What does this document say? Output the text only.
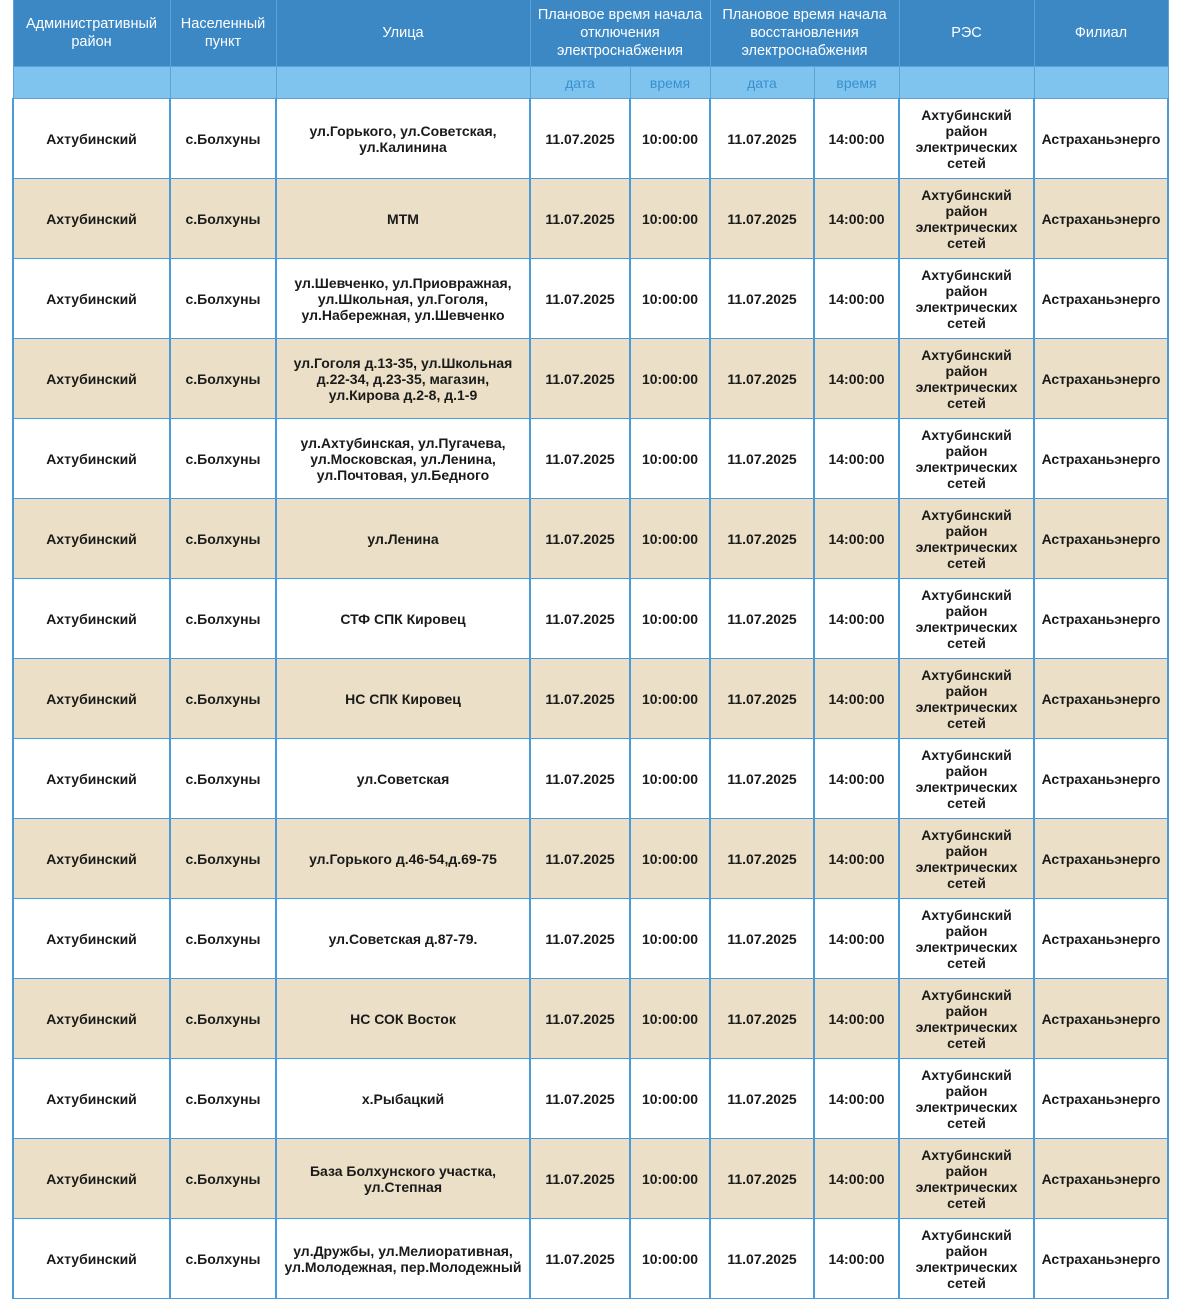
Административный район	Населенный пункт	Улица	Плановое время начала отключения электроснабжения		Плановое время начала восстановления электроснабжения		РЭС	Филиал
			дата	время	дата	время		
Ахтубинский	с.Болхуны	ул.Горького, ул.Советская, ул.Калинина	11.07.2025	10:00:00	11.07.2025	14:00:00	Ахтубинский район электрических сетей	Астраханьэнерго
Ахтубинский	с.Болхуны	МТМ	11.07.2025	10:00:00	11.07.2025	14:00:00	Ахтубинский район электрических сетей	Астраханьэнерго
Ахтубинский	с.Болхуны	ул.Шевченко, ул.Приовражная, ул.Школьная, ул.Гоголя, ул.Набережная, ул.Шевченко	11.07.2025	10:00:00	11.07.2025	14:00:00	Ахтубинский район электрических сетей	Астраханьэнерго
Ахтубинский	с.Болхуны	ул.Гоголя д.13-35, ул.Школьная д.22-34, д.23-35, магазин, ул.Кирова д.2-8, д.1-9	11.07.2025	10:00:00	11.07.2025	14:00:00	Ахтубинский район электрических сетей	Астраханьэнерго
Ахтубинский	с.Болхуны	ул.Ахтубинская, ул.Пугачева, ул.Московская, ул.Ленина, ул.Почтовая, ул.Бедного	11.07.2025	10:00:00	11.07.2025	14:00:00	Ахтубинский район электрических сетей	Астраханьэнерго
Ахтубинский	с.Болхуны	ул.Ленина	11.07.2025	10:00:00	11.07.2025	14:00:00	Ахтубинский район электрических сетей	Астраханьэнерго
Ахтубинский	с.Болхуны	СТФ СПК Кировец	11.07.2025	10:00:00	11.07.2025	14:00:00	Ахтубинский район электрических сетей	Астраханьэнерго
Ахтубинский	с.Болхуны	НС СПК Кировец	11.07.2025	10:00:00	11.07.2025	14:00:00	Ахтубинский район электрических сетей	Астраханьэнерго
Ахтубинский	с.Болхуны	ул.Советская	11.07.2025	10:00:00	11.07.2025	14:00:00	Ахтубинский район электрических сетей	Астраханьэнерго
Ахтубинский	с.Болхуны	ул.Горького д.46-54,д.69-75	11.07.2025	10:00:00	11.07.2025	14:00:00	Ахтубинский район электрических сетей	Астраханьэнерго
Ахтубинский	с.Болхуны	ул.Советская д.87-79.	11.07.2025	10:00:00	11.07.2025	14:00:00	Ахтубинский район электрических сетей	Астраханьэнерго
Ахтубинский	с.Болхуны	НС СОК Восток	11.07.2025	10:00:00	11.07.2025	14:00:00	Ахтубинский район электрических сетей	Астраханьэнерго
Ахтубинский	с.Болхуны	х.Рыбацкий	11.07.2025	10:00:00	11.07.2025	14:00:00	Ахтубинский район электрических сетей	Астраханьэнерго
Ахтубинский	с.Болхуны	База Болхунского участка, ул.Степная	11.07.2025	10:00:00	11.07.2025	14:00:00	Ахтубинский район электрических сетей	Астраханьэнерго
Ахтубинский	с.Болхуны	ул.Дружбы, ул.Мелиоративная, ул.Молодежная, пер.Молодежный	11.07.2025	10:00:00	11.07.2025	14:00:00	Ахтубинский район электрических сетей	Астраханьэнерго
